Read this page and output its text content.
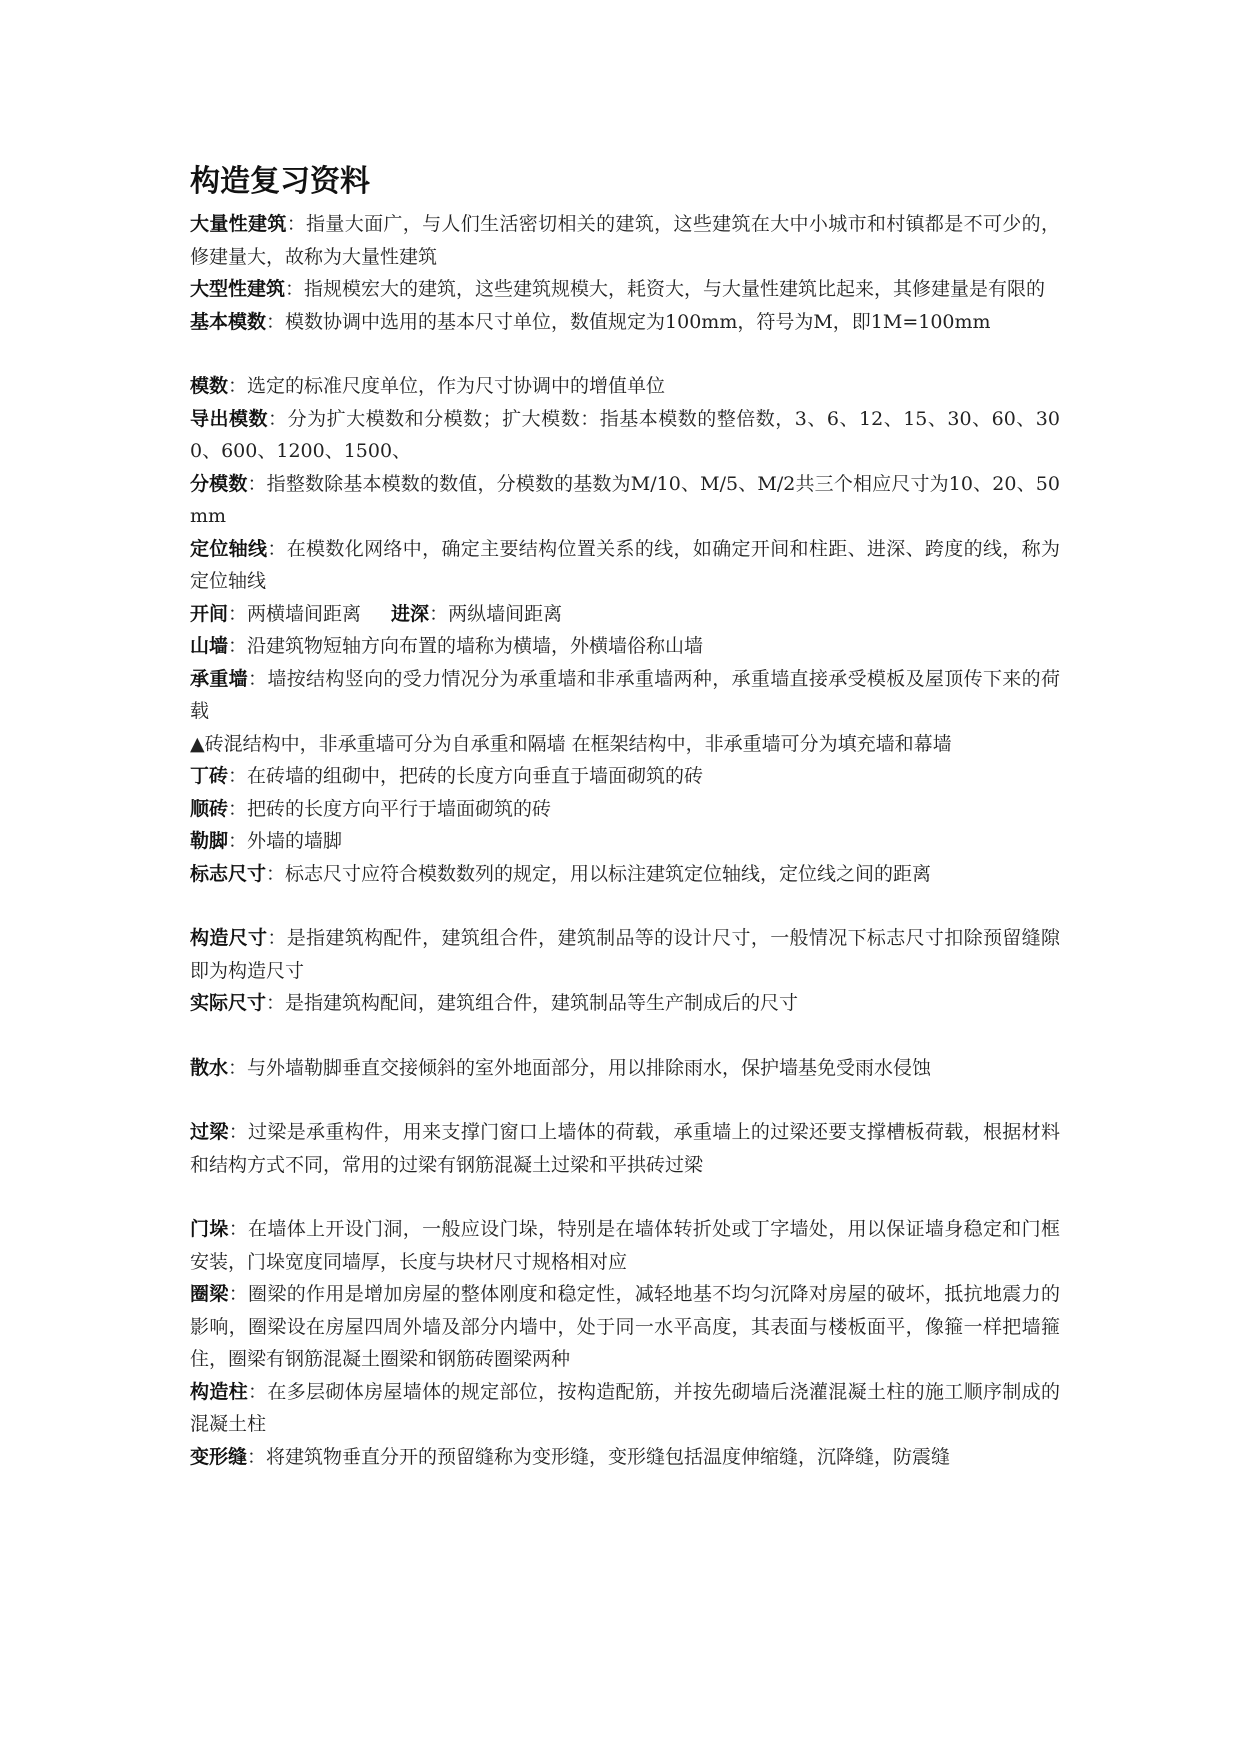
构造复习资料

大量性建筑：指量大面广，与人们生活密切相关的建筑，这些建筑在大中小城市和村镇都是不可少的，修建量大，故称为大量性建筑

大型性建筑：指规模宏大的建筑，这些建筑规模大，耗资大，与大量性建筑比起来，其修建量是有限的

基本模数：模数协调中选用的基本尺寸单位，数值规定为100mm，符号为M，即1M=100mm

模数：选定的标准尺度单位，作为尺寸协调中的增值单位

导出模数：分为扩大模数和分模数；扩大模数：指基本模数的整倍数，3、6、12、15、30、60、300、600、1200、1500、

分模数：指整数除基本模数的数值，分模数的基数为M/10、M/5、M/2共三个相应尺寸为10、20、50mm

定位轴线：在模数化网络中，确定主要结构位置关系的线，如确定开间和柱距、进深、跨度的线，称为定位轴线

开间：两横墙间距离 进深：两纵墙间距离

山墙：沿建筑物短轴方向布置的墙称为横墙，外横墙俗称山墙

承重墙：墙按结构竖向的受力情况分为承重墙和非承重墙两种，承重墙直接承受模板及屋顶传下来的荷载

▲砖混结构中，非承重墙可分为自承重和隔墙 在框架结构中，非承重墙可分为填充墙和幕墙

丁砖：在砖墙的组砌中，把砖的长度方向垂直于墙面砌筑的砖

顺砖：把砖的长度方向平行于墙面砌筑的砖

勒脚：外墙的墙脚

标志尺寸：标志尺寸应符合模数数列的规定，用以标注建筑定位轴线，定位线之间的距离

构造尺寸：是指建筑构配件，建筑组合件，建筑制品等的设计尺寸，一般情况下标志尺寸扣除预留缝隙即为构造尺寸

实际尺寸：是指建筑构配间，建筑组合件，建筑制品等生产制成后的尺寸

散水：与外墙勒脚垂直交接倾斜的室外地面部分，用以排除雨水，保护墙基免受雨水侵蚀

过梁：过梁是承重构件，用来支撑门窗口上墙体的荷载，承重墙上的过梁还要支撑槽板荷载，根据材料和结构方式不同，常用的过梁有钢筋混凝土过梁和平拱砖过梁

门垛：在墙体上开设门洞，一般应设门垛，特别是在墙体转折处或丁字墙处，用以保证墙身稳定和门框安装，门垛宽度同墙厚，长度与块材尺寸规格相对应

圈梁：圈梁的作用是增加房屋的整体刚度和稳定性，减轻地基不均匀沉降对房屋的破坏，抵抗地震力的影响，圈梁设在房屋四周外墙及部分内墙中，处于同一水平高度，其表面与楼板面平，像箍一样把墙箍住，圈梁有钢筋混凝土圈梁和钢筋砖圈梁两种

构造柱：在多层砌体房屋墙体的规定部位，按构造配筋，并按先砌墙后浇灌混凝土柱的施工顺序制成的混凝土柱

变形缝：将建筑物垂直分开的预留缝称为变形缝，变形缝包括温度伸缩缝，沉降缝，防震缝
